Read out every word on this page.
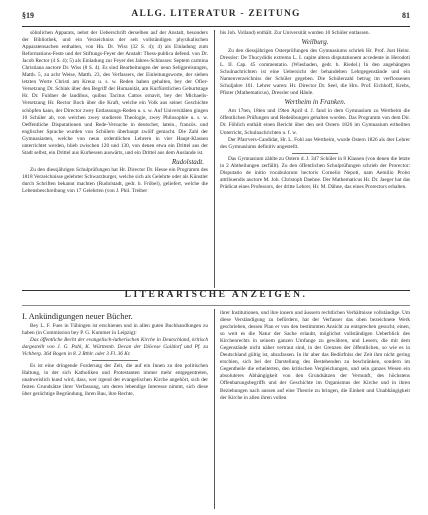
§19	ALLG. LITERATUR - ZEITUNG	81

söhnlichen Apparats, nebst der Ueberschrift derselben auf der Anstalt, besonders der Bibliothek, und ein Verzeichniss der seit vollständigen physikalischen Apparatensachen enthalten, von Hn. Dr. Wiss (32 S. 4); 4) als Einladung zum Reformations-Feste und der Stiftungs-Feyer der Anstalt: Thess-publica defend. von Dr. Jacob Rector (4 S. 4); 5) als Einladung zur Feyer des Jahres-Schlusses: Septem carmina Christiana auctore Dr. Wiss (8 S. 4). Es sind Bearbeitungen der neun Seligpreisungen, Matth. 5, zu acht Weise, Matth. 23, des Verfassers, der Einleitungsworte, der sieben letzten Worte Christi am Kreuz u. s. w. Reden haben gehalten, bey der Ofier-Versetzung Dr. Schink über den Begriff der Humanität, am Kurfürstlichen Geburtstage Hr. Dr. Fuldner de laudibus, quibus Tacitus Cattos ornavit, bey der Michaelis-Versetzung Hr. Rector Bock über die Kraft, welche ein Volk aus seiner Geschichte schöpfen kann, der Director zwey Entlassungs-Reden u. s. w. Auf Universitäten gingen 10 Schüler ab, von welchen zwey studieren Theologie, zwey Philosophie u. s. w. Oeffentliche Disputationen und Rede-Versuche in deutscher, latein., französ. und englischer Sprache wurden von Schülern überhaupt zwölf gemacht. Die Zahl der Gymnasiasten, welche von neun ordentlichen Lehrern in vier Haupt-Klassen unterrichtet werden, blieb zwischen 120 und 130, von denen etwa ein Drittel aus der Stadt selbst, ein Drittel aus Kurhessen auswärts, und ein Drittel aus dem Auslande ist.

Rudolstadt.

Zu den diessjährigen Schulprüfungen hat Hr. Director Dr. Hesse ein Programm des 1818 Verzeichnisse gelehrter Schwarzburger, welche sich als Gelehrte oder als Künstler durch Schriften bekannt machten (Rudolstadt, gedr. b. Fröbel), geliefert, welche die Lebensbeschreibung von 17 Gelehrten (von J. Phil. Treiber

bis Joh. Volland) enthält. Zur Universität wurden 10 Schüler entlassen.

Weilburg.

Zu den diessjährigen Osterprüfungen des Gymnasiums schrieb Hr. Prof. Just Heinr. Dressler: De Thucydidis extremo L. I. capite altera disputationem accedente in Herodoti L. II. Cap. 45 commentatio. (Wiesbaden, gedr. b. Riedel.) In den angehängten Schulnachrichten ist eine Uebersicht der behandelten Lehrgegenstände und ein Namenverzeichniss der Schüler gegeben. Die Schülerzahl betrug im verflossenen Schuljahre 161. Lehrer waren: Hr. Director Dr. Seel, die Hrn. Prof. Eichhoff, Krebs, Pfister (Mathematicus), Dressler und Hänle.

Wertheim in Franken.

Am 17ten, 18ten und 19ten April d. J. fand in dem Gymnasium zu Wertheim die öffentlichen Prüfungen und Redeübungen gehalten worden. Das Programm von dem Dir. Dr. Föhlich enthält einen Bericht über den seit Ostern 1826 im Gymnasium ertheilten Unterricht, Schulnachrichten u. f. w.

Der Pfarrvers-Candidat, Hr. L. Fohl aus Wertheim, wurde Ostern 1826 als 4ter Lehrer des Gymnasiums definitiv angestellt.

Das Gymnasium zählte zu Ostern d. J. 347 Schüler in 8 Klassen (von denen die letzte in 2 Abtheilungen zerfällt). Zu den öffentlichen Schulprüfungen schrieb der Prorector: Disputatio de initio vocabulorum hectoris Cornelio Nepoti, nam Aemilio Probo attribuendis auctore M. Joh. Christoph Daehne. Der Mathematicus Hr. Dr. Jaeger hat das Prädicat eines Professors, der dritte Lehrer, Hr. M. Dähne, das eines Prorectors erhalten.

LITERARISCHE ANZEIGEN.
I. Ankündigungen neuer Bücher.

Bey L. F. Fues in Tübingen ist erschienen und in allen guten Buchhandlungen zu haben (in Commission bey P. G. Kummer in Leipzig):

Das öffentliche Recht der evangelisch-lutherischen Kirche in Deutschland, kritisch dargestellt von J. G. Pahl, K. Württemb. Decan der Diöcese Gaildorf und Pf. zu Vichberg. 364 Bogen in 8. 2 Rthlr. oder 3 Fl. 36 Kr.

Es ist eine dringende Forderung der Zeit, die auf ein Innen zu den politischen Haltung, in der sich Katholiken und Protestanten immer mehr entgegentreten, unabweislich kund wird, dass, wer irgend der evangelischen Kirche angehört, sich der festen Grundsätze ihrer Verfassung, um deren lebendige Interesse nimmt, sich diese über gerächtige Begründung, ihren Bau, ihre Rechte,

ihrer Institutionen, und ihre innern und äussern rechtlichen Verhältnisse vollständige. Um diese Verständigung zu befördern, hat der Verfasser das oben bezeichnete Werk geschrieben, dessen Plan er von den bestimmten Ansicht zu entsprechen gesucht, einen, so weit es die Natur der Sache erlaubt, möglichst vollständigen Ueberblick des Kirchenrechts in seinem ganzen Umfange zu gewähren, und Lesern, die mit dem Gegenstände nicht näher vertraut sind, in der Grenzen der öffentlichen, so wie es in Deutschland gültig ist, abzufassen. In ihr aber das Bedürfniss der Zeit ihm nicht gering erschien, sich bei der Darstellung des Bestehenden zu beschränken, sondern im Gegentheile die erheiterten, den kritischen Vergleichungen, und sein ganzes Wesen ein absoluteres Abhängigkeit von den Grundsätzen der Vernunft, des höchstens Offenbarungsbegriffs und der Geschichte im Organismus der Kirche und in ihren Beziehungen nach aussen auf eine Theorie zu bringen, die Einheit und Unabhängigkeit der Kirche in allen ihren vollen
